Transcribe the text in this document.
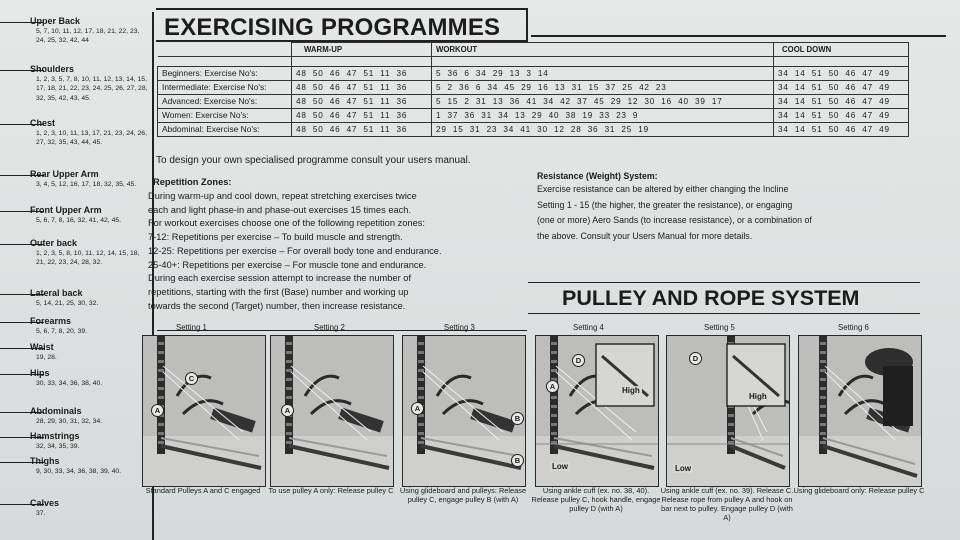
Upper Back
5, 7, 10, 11, 12, 17, 18, 21, 22, 23, 24, 25, 32, 42, 44
Shoulders
1, 2, 3, 5, 7, 8, 10, 11, 12, 13, 14, 15, 17, 18, 21, 22, 23, 24, 25, 26, 27, 28, 32, 35, 42, 43, 45.
Chest
1, 2, 3, 10, 11, 13, 17, 21, 23, 24, 26, 27, 32, 35, 43, 44, 45.
Rear Upper Arm
3, 4, 5, 12, 16, 17, 18, 32, 35, 45.
Front Upper Arm
5, 6, 7, 8, 16, 32, 41, 42, 45.
Outer back
1, 2, 3, 5, 8, 10, 11, 12, 14, 15, 18, 21, 22, 23, 24, 28, 32.
Lateral back
5, 14, 21, 25, 30, 32.
Forearms
5, 6, 7, 8, 20, 39.
Waist
19, 28.
Hips
30, 33, 34, 36, 38, 40.
Abdominals
28, 29, 30, 31, 32, 34.
Hamstrings
32, 34, 35, 39.
Thighs
9, 30, 33, 34, 36, 38, 39, 40.
Calves
37.
EXERCISING PROGRAMMES
	WARM-UP	WORKOUT	COOL DOWN

Beginners: Exercise No's:	48  50  46  47  51  11  36	5  36  6  34  29  13  3  14	34  14  51  50  46  47  49
Intermediate: Exercise No's:	48  50  46  47  51  11  36	5  2  36  6  34  45  29  16  13  31  15  37  25  42  23	34  14  51  50  46  47  49
Advanced: Exercise No's:	48  50  46  47  51  11  36	5  15  2  31  13  36  41  34  42  37  45  29  12  30  16  40  39  17	34  14  51  50  46  47  49
Women: Exercise No's:	48  50  46  47  51  11  36	1  37  36  31  34  13  29  40  38  19  33  23  9	34  14  51  50  46  47  49
Abdominal: Exercise No's:	48  50  46  47  51  11  36	29  15  31  23  34  41  30  12  28  36  31  25  19	34  14  51  50  46  47  49
To design your own specialised programme consult your users manual.
Repetition Zones:
During warm-up and cool down, repeat stretching exercises twice
each and light phase-in and phase-out exercises 15 times each.
For workout exercises choose one of the following repetition zones:
7-12: Repetitions per exercise – To build muscle and strength.
12-25: Repetitions per exercise – For overall body tone and endurance.
25-40+: Repetitions per exercise – For muscle tone and endurance.
During each exercise session attempt to increase the number of
repetitions, starting with the first (Base) number and working up
towards the second (Target) number, then increase resistance.
Resistance (Weight) System:
Exercise resistance can be altered by either changing the Incline
Setting 1 - 15 (the higher, the greater the resistance), or engaging
(one or more) Aero Sands (to increase resistance), or a combination of
the above. Consult your Users Manual for more details.
PULLEY AND ROPE SYSTEM
Setting 1
A
C
Standard Pulleys A and C engaged
Setting 2
A
To use pulley A only: Release pulley C
Setting 3
A
B
B
Using glideboard and pulleys: Release pulley C, engage pulley B (with A)
Setting 4
D
A	High
Low
Using ankle cuff (ex. no. 38, 40). Release pulley C, hook handle, engage pulley D (with A)
Setting 5
D
High
Low
Using ankle cuff (ex. no. 39). Release C. Release rope from pulley A and hook on bar next to pulley. Engage pulley D (with A)
Setting 6
Using glideboard only: Release pulley C
